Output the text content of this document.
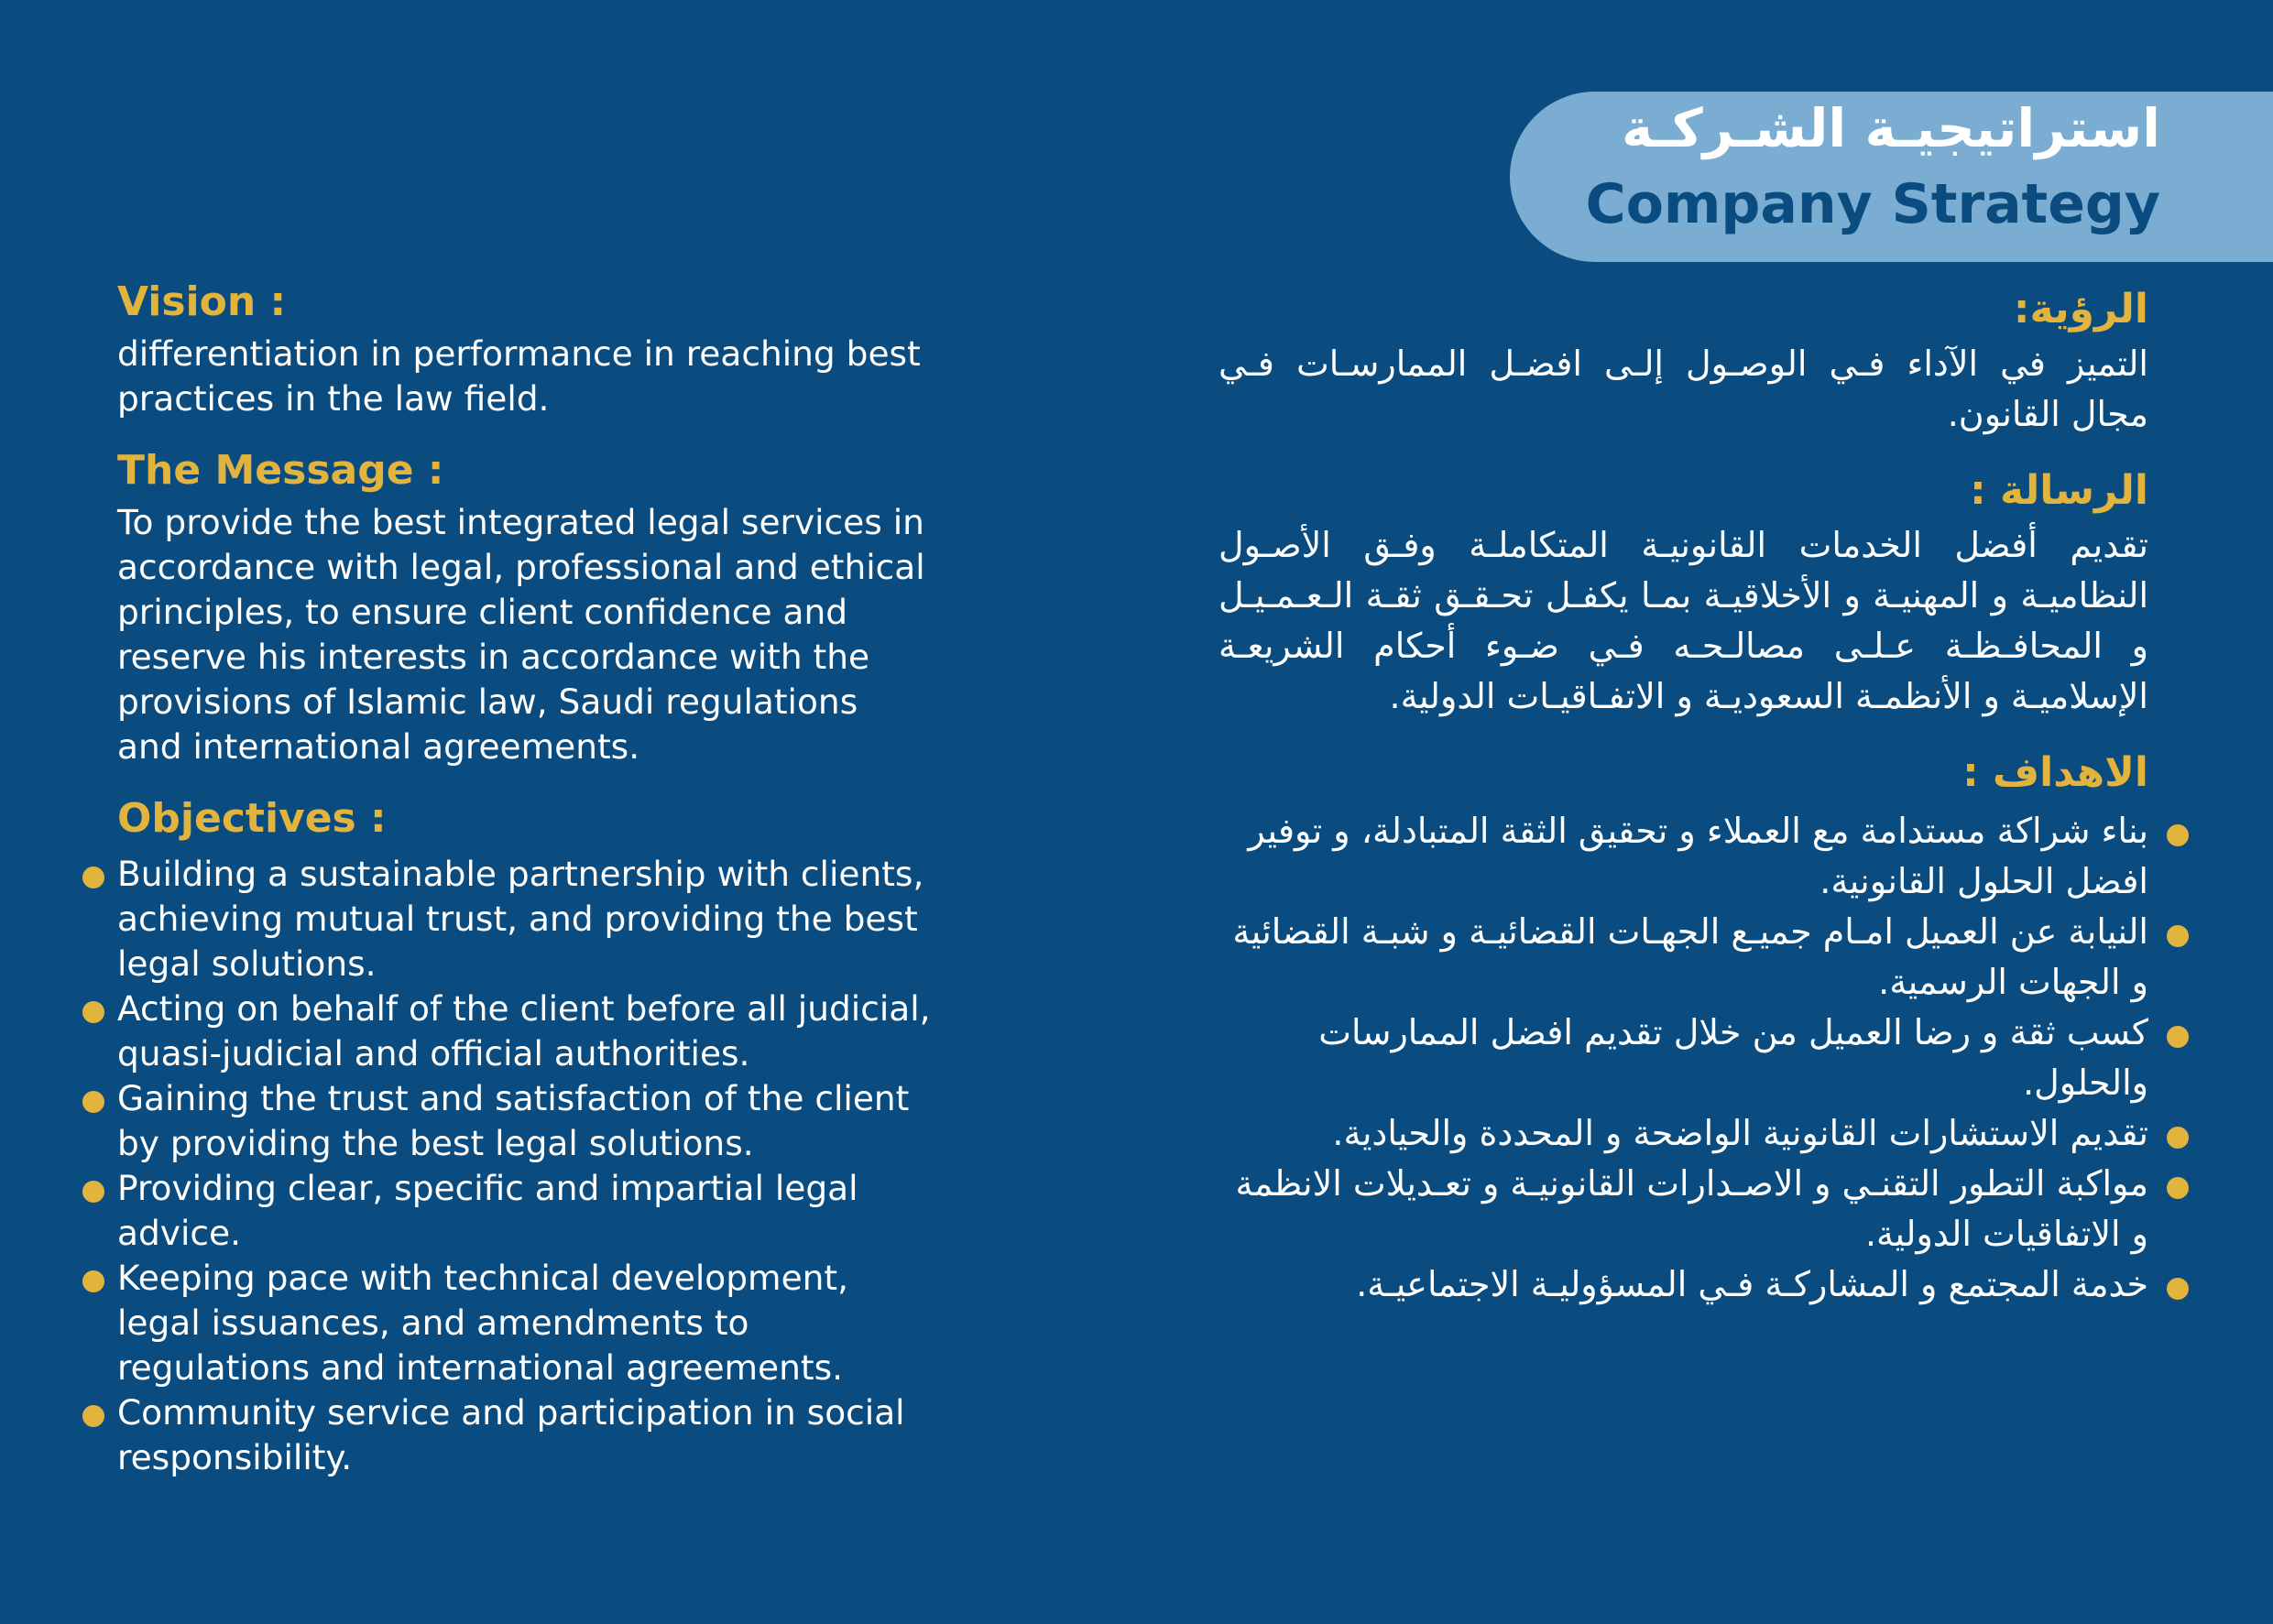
استراتيجيـة الشـركـة
Company Strategy
Vision :

differentiation in performance in reaching best practices in the law field.

The Message :

To provide the best integrated legal services in accordance with legal, professional and ethical principles, to ensure client confidence and reserve his interests in accordance with the provisions of Islamic law, Saudi regulations and international agreements.

Objectives :
Building a sustainable partnership with clients, achieving mutual trust, and providing the best legal solutions.
Acting on behalf of the client before all judicial, quasi-judicial and official authorities.
Gaining the trust and satisfaction of the client by providing the best legal solutions.
Providing clear, specific and impartial legal advice.
Keeping pace with technical development, legal issuances, and amendments to regulations and international agreements.
Community service and participation in social responsibility.
الرؤية:

التميز في الآداء فـي الوصـول إلـى افضـل الممارسـات فـي مجال القانون.

الرسالة :

تقديم أفضل الخدمات القانونيـة المتكاملـة وفـق الأصـول النظاميـة و المهنيـة و الأخلاقيـة بمـا يكفـل تحـقـق ثقـة الـعـمـيـل و المحافـظـة عـلـى مصالـحـه فـي ضـوء أحكام الشريعـة الإسلاميـة و الأنظمـة السعوديـة و الاتفـاقيـات الدولية.

الاهداف :
بناء شراكة مستدامة مع العملاء و تحقيق الثقة المتبادلة، و توفير افضل الحلول القانونية.
النيابة عن العميل امـام جميـع الجهـات القضائيـة و شبـة القضائية و الجهات الرسمية.
كسب ثقة و رضا العميل من خلال تقديم افضل الممارسات والحلول.
تقديم الاستشارات القانونية الواضحة و المحددة والحيادية.
مواكبة التطور التقنـي و الاصـدارات القانونيـة و تعـديلات الانظمة و الاتفاقيات الدولية.
خدمة المجتمع و المشاركـة فـي المسؤوليـة الاجتماعيـة.
